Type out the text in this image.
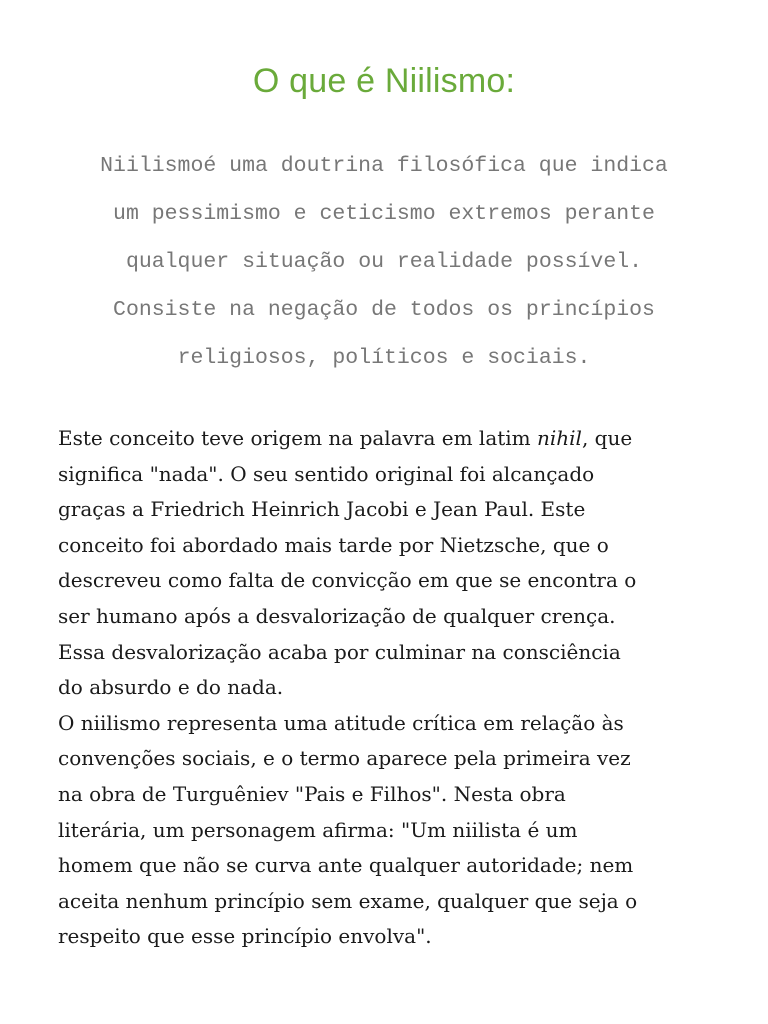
O que é Niilismo:

Niilismoé uma doutrina filosófica que indica
um pessimismo e ceticismo extremos perante
qualquer situação ou realidade possível.
Consiste na negação de todos os princípios
religiosos, políticos e sociais.

Este conceito teve origem na palavra em latim nihil, que
significa "nada". O seu sentido original foi alcançado
graças a Friedrich Heinrich Jacobi e Jean Paul. Este
conceito foi abordado mais tarde por Nietzsche, que o
descreveu como falta de convicção em que se encontra o
ser humano após a desvalorização de qualquer crença.
Essa desvalorização acaba por culminar na consciência
do absurdo e do nada.
O niilismo representa uma atitude crítica em relação às
convenções sociais, e o termo aparece pela primeira vez
na obra de Turguêniev "Pais e Filhos". Nesta obra
literária, um personagem afirma: "Um niilista é um
homem que não se curva ante qualquer autoridade; nem
aceita nenhum princípio sem exame, qualquer que seja o
respeito que esse princípio envolva".
